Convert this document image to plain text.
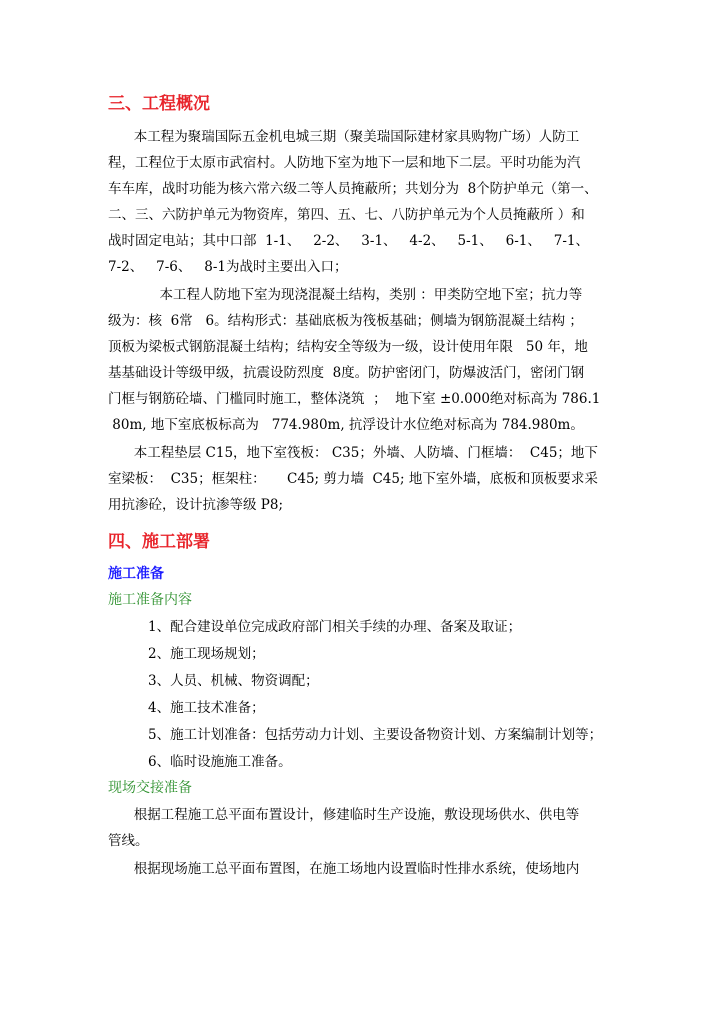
三、工程概况
本工程为聚瑞国际五金机电城三期（聚美瑞国际建材家具购物广场）人防工
程，工程位于太原市武宿村。人防地下室为地下一层和地下二层。平时功能为汽
车车库，战时功能为核六常六级二等人员掩蔽所；共划分为  8个防护单元（第一、
二、三、六防护单元为物资库，第四、五、七、八防护单元为个人员掩蔽所 ）和
战时固定电站；其中口部  1-1、   2-2、   3-1、   4-2、   5-1、   6-1、   7-1、
7-2、   7-6、   8-1为战时主要出入口；
本工程人防地下室为现浇混凝土结构，类别 ：甲类防空地下室；抗力等
级为：核  6常   6。结构形式：基础底板为筏板基础；侧墙为钢筋混凝土结构 ；
顶板为梁板式钢筋混凝土结构；结构安全等级为一级，设计使用年限   50 年，地
基基础设计等级甲级，抗震设防烈度  8度。防护密闭门，防爆波活门，密闭门钢
门框与钢筋砼墙、门槛同时施工，整体浇筑  ；  地下室 ±0.000绝对标高为 786.1
80m, 地下室底板标高为   774.980m, 抗浮设计水位绝对标高为 784.980m。
本工程垫层 C15，地下室筏板： C35；外墙、人防墙、门框墙：  C45；地下
室梁板：  C35；框架柱：     C45; 剪力墙  C45; 地下室外墙，底板和顶板要求采
用抗渗砼，设计抗渗等级 P8;
四、施工部署
施工准备
施工准备内容
1、配合建设单位完成政府部门相关手续的办理、备案及取证；
2、施工现场规划；
3、人员、机械、物资调配；
4、施工技术准备；
5、施工计划准备：包括劳动力计划、主要设备物资计划、方案编制计划等；
6、临时设施施工准备。
现场交接准备
根据工程施工总平面布置设计，修建临时生产设施，敷设现场供水、供电等
管线。
根据现场施工总平面布置图，在施工场地内设置临时性排水系统，使场地内
